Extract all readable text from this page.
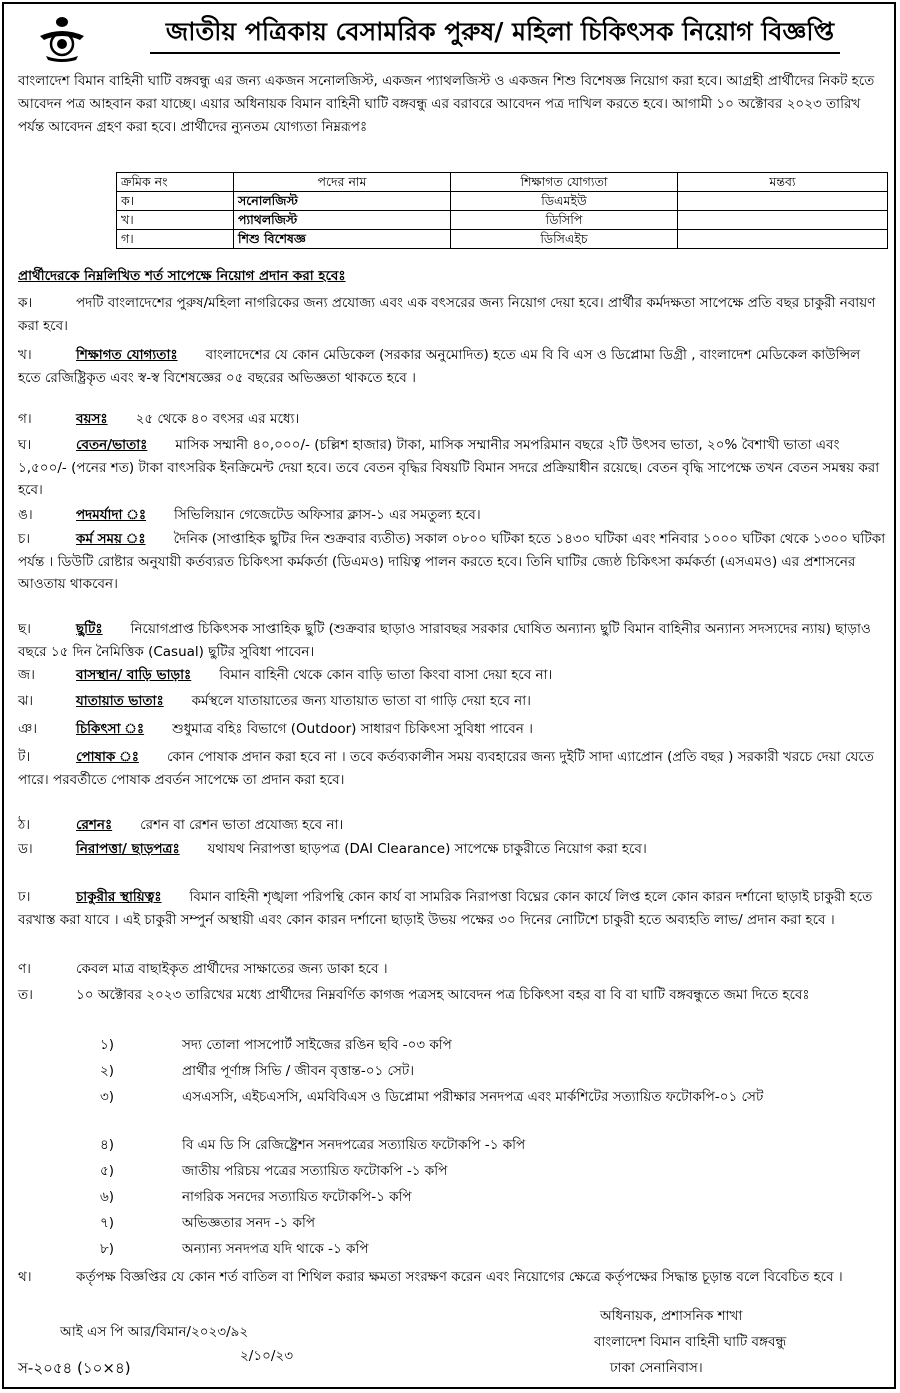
জাতীয় পত্রিকায় বেসামরিক পুরুষ/ মহিলা চিকিৎসক নিয়োগ বিজ্ঞপ্তি
বাংলাদেশ বিমান বাহিনী ঘাটি বঙ্গবন্ধু এর জন্য একজন সনোলজিস্ট, একজন প্যাথলজিস্ট ও একজন শিশু বিশেষজ্ঞ নিয়োগ করা হবে। আগ্রহী প্রার্থীদের নিকট হতে আবেদন পত্র আহবান করা যাচ্ছে। এয়ার অধিনায়ক বিমান বাহিনী ঘাটি বঙ্গবন্ধু এর বরাবরে আবেদন পত্র দাখিল করতে হবে। আগামী ১০ অক্টোবর ২০২৩ তারিখ পর্যন্ত আবেদন গ্রহণ করা হবে। প্রার্থীদের ন্যুনতম যোগ্যতা নিম্নরূপঃ
ক্রমিক নং	পদের নাম	শিক্ষাগত যোগ্যতা	মন্তব্য
ক।	সনোলজিস্ট	ডিএমইউ	
খ।	প্যাথলজিস্ট	ডিসিপি	
গ।	শিশু বিশেষজ্ঞ	ডিসিএইচ	
প্রার্থীদেরকে নিম্নলিখিত শর্ত সাপেক্ষে নিয়োগ প্রদান করা হবেঃ
ক।	পদটি বাংলাদেশের পুরুষ/মহিলা নাগরিকের জন্য প্রযোজ্য এবং এক বৎসরের জন্য নিয়োগ দেয়া হবে। প্রার্থীর কর্মদক্ষতা সাপেক্ষে প্রতি বছর চাকুরী নবায়ণ করা হবে।
খ।	শিক্ষাগত যোগ্যতাঃ বাংলাদেশের যে কোন মেডিকেল (সরকার অনুমোদিত) হতে এম বি বি এস ও ডিপ্লোমা ডিগ্রী , বাংলাদেশ মেডিকেল কাউন্সিল হতে রেজিষ্ট্রিকৃত এবং স্ব-স্ব বিশেষজ্ঞের ০৫ বছরের অভিজ্ঞতা থাকতে হবে ।
গ।	বয়সঃ ২৫ থেকে ৪০ বৎসর এর মধ্যে।
ঘ।	বেতন/ভাতাঃ মাসিক সম্মানী ৪০,০০০/- (চল্লিশ হাজার) টাকা, মাসিক সম্মানীর সমপরিমান বছরে ২টি উৎসব ভাতা, ২০% বৈশাখী ভাতা এবং ১,৫০০/- (পনের শত) টাকা বাৎসরিক ইনক্রিমেন্ট দেয়া হবে। তবে বেতন বৃদ্ধির বিষয়টি বিমান সদরে প্রক্রিয়াধীন রয়েছে। বেতন বৃদ্ধি সাপেক্ষে তখন বেতন সমন্বয় করা হবে।
ঙ।	পদমর্যাদা ঃ সিভিলিয়ান গেজেটেড অফিসার ক্লাস-১ এর সমতুল্য হবে।
চ।	কর্ম সময় ঃ দৈনিক (সাপ্তাহিক ছুটির দিন শুক্রবার ব্যতীত) সকাল ০৮০০ ঘটিকা হতে ১৪৩০ ঘটিকা এবং শনিবার ১০০০ ঘটিকা থেকে ১৩০০ ঘটিকা পর্যন্ত । ডিউটি রোষ্টার অনুযায়ী কর্তব্যরত চিকিৎসা কর্মকর্তা (ডিএমও) দায়িত্ব পালন করতে হবে। তিনি ঘাটির জ্যেষ্ঠ চিকিৎসা কর্মকর্তা (এসএমও) এর প্রশাসনের আওতায় থাকবেন।
ছ।	ছুটিঃ নিয়োগপ্রাপ্ত চিকিৎসক সাপ্তাহিক ছুটি (শুক্রবার ছাড়াও সারাবছর সরকার ঘোষিত অন্যান্য ছুটি বিমান বাহিনীর অন্যান্য সদস্যদের ন্যায়) ছাড়াও বছরে ১৫ দিন নৈমিত্তিক (Casual) ছুটির সুবিধা পাবেন।
জ।	বাসস্থান/ বাড়ি ভাড়াঃ বিমান বাহিনী থেকে কোন বাড়ি ভাতা কিংবা বাসা দেয়া হবে না।
ঝ।	যাতায়াত ভাতাঃ কর্মস্থলে যাতায়াতের জন্য যাতায়াত ভাতা বা গাড়ি দেয়া হবে না।
ঞ।	চিকিৎসা ঃ শুধুমাত্র বহিঃ বিভাগে (Outdoor) সাধারণ চিকিৎসা সুবিধা পাবেন ।
ট।	পোষাক ঃ কোন পোষাক প্রদান করা হবে না । তবে কর্তব্যকালীন সময় ব্যবহারের জন্য দুইটি সাদা এ্যাপ্রোন (প্রতি বছর ) সরকারী খরচে দেয়া যেতে পারে। পরবর্তীতে পোষাক প্রবর্তন সাপেক্ষে তা প্রদান করা হবে।
ঠ।	রেশনঃ রেশন বা রেশন ভাতা প্রযোজ্য হবে না।
ড।	নিরাপত্তা/ ছাড়পত্রঃ যথাযথ নিরাপত্তা ছাড়পত্র (DAI Clearance) সাপেক্ষে চাকুরীতে নিয়োগ করা হবে।
ঢ।	চাকুরীর স্থায়িত্বঃ বিমান বাহিনী শৃঙ্খলা পরিপন্থি কোন কার্য বা সামরিক নিরাপত্তা বিঘ্নের কোন কার্যে লিপ্ত হলে কোন কারন দর্শানো ছাড়াই চাকুরী হতে বরখাস্ত করা যাবে । এই চাকুরী সম্পুর্ন অস্থায়ী এবং কোন কারন দর্শানো ছাড়াই উভয় পক্ষের ৩০ দিনের নোটিশে চাকুরী হতে অব্যহতি লাভ/ প্রদান করা হবে ।
ণ।	কেবল মাত্র বাছাইকৃত প্রার্থীদের সাক্ষাতের জন্য ডাকা হবে ।
ত।	১০ অক্টোবর ২০২৩ তারিখের মধ্যে প্রার্থীদের নিম্নবর্ণিত কাগজ পত্রসহ আবেদন পত্র চিকিৎসা বহর বা বি বা ঘাটি বঙ্গবন্ধুতে জমা দিতে হবেঃ
১)	সদ্য তোলা পাসপোর্ট সাইজের রঙিন ছবি -০৩ কপি
২)	প্রার্থীর পূর্ণাঙ্গ সিভি / জীবন বৃত্তান্ত-০১ সেট।
৩)	এসএসসি, এইচএসসি, এমবিবিএস ও ডিপ্লোমা পরীক্ষার সনদপত্র এবং মার্কশিটের সত্যায়িত ফটোকপি-০১ সেট
৪)	বি এম ডি সি রেজিষ্ট্রেশন সনদপত্রের সত্যায়িত ফটোকপি -১ কপি
৫)	জাতীয় পরিচয় পত্রের সত্যায়িত ফটোকপি -১ কপি
৬)	নাগরিক সনদের সত্যায়িত ফটোকপি-১ কপি
৭)	অভিজ্ঞতার সনদ -১ কপি
৮)	অন্যান্য সনদপত্র যদি থাকে -১ কপি
থ।	কর্তৃপক্ষ বিজ্ঞপ্তির যে কোন শর্ত বাতিল বা শিথিল করার ক্ষমতা সংরক্ষণ করেন এবং নিয়োগের ক্ষেত্রে কর্তৃপক্ষের সিদ্ধান্ত চূড়ান্ত বলে বিবেচিত হবে ।
আই এস পি আর/বিমান/২০২৩/৯২
২/১০/২৩
স-২০৫৪ (১০×৪)
অধিনায়ক, প্রশাসনিক শাখা
বাংলাদেশ বিমান বাহিনী ঘাটি বঙ্গবন্ধু
ঢাকা সেনানিবাস।
